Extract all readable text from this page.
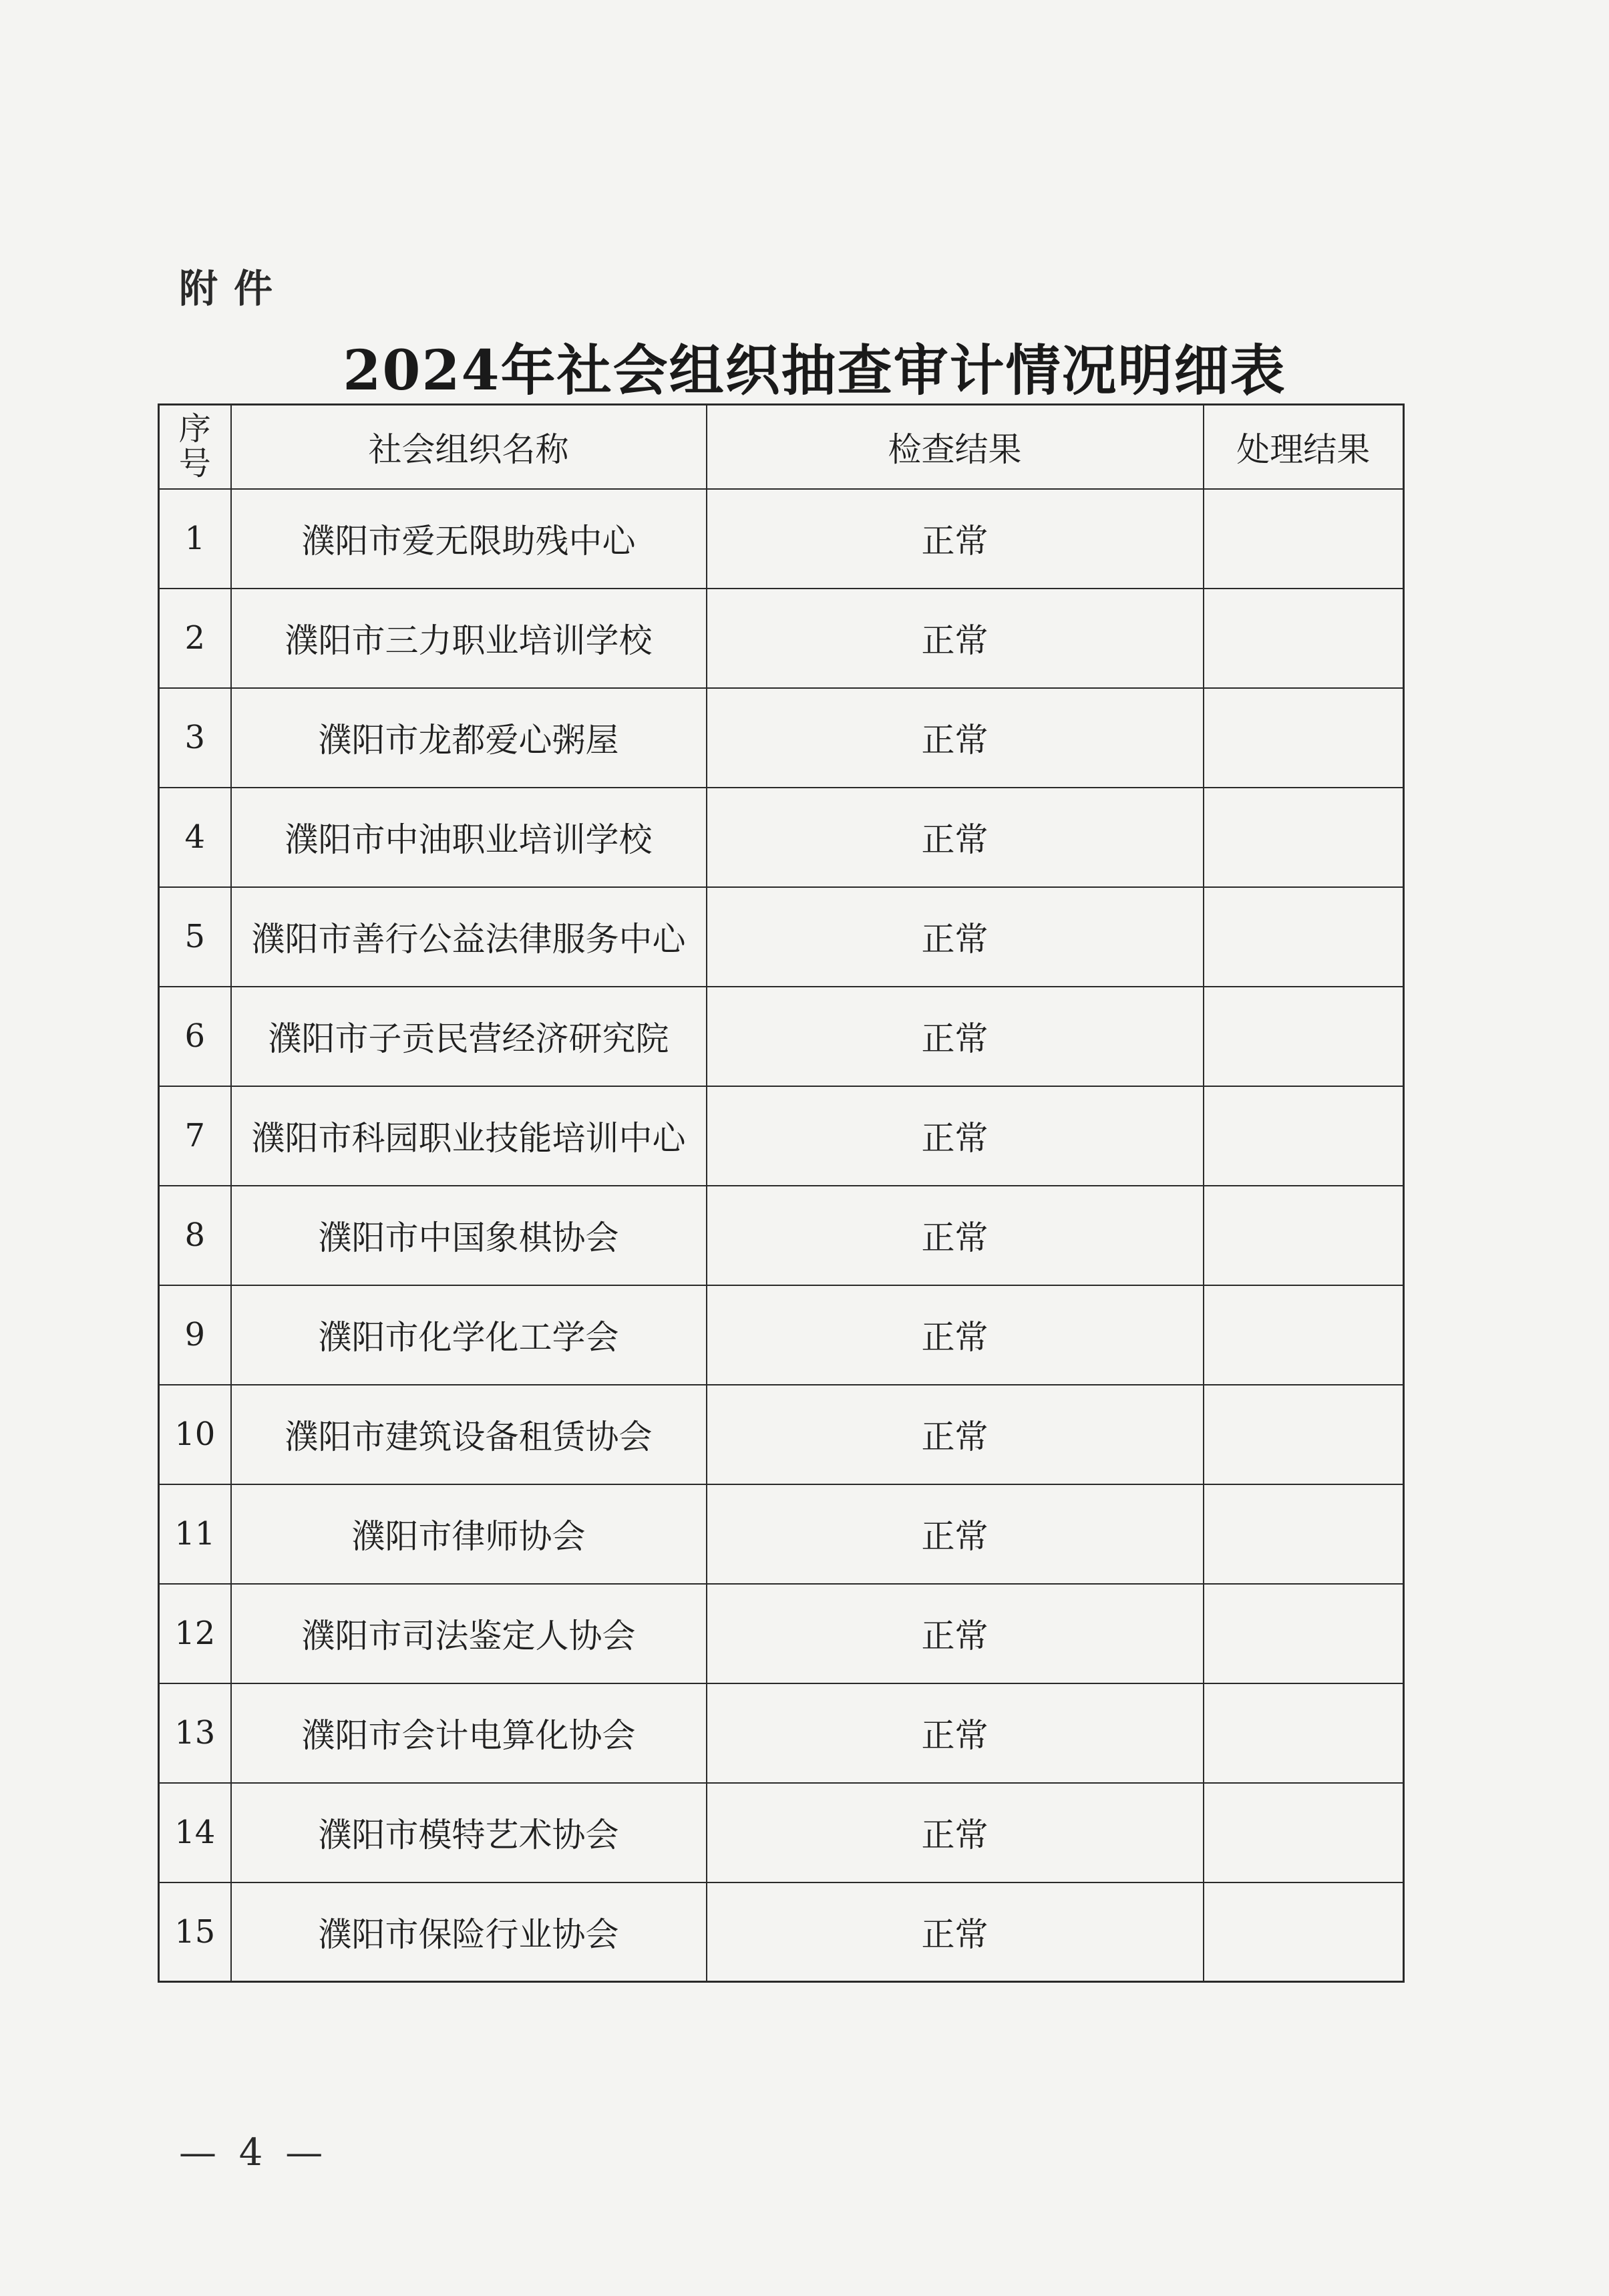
附件
2024年社会组织抽查审计情况明细表
序号	社会组织名称	检查结果	处理结果
1	濮阳市爱无限助残中心	正常	
2	濮阳市三力职业培训学校	正常	
3	濮阳市龙都爱心粥屋	正常	
4	濮阳市中油职业培训学校	正常	
5	濮阳市善行公益法律服务中心	正常	
6	濮阳市子贡民营经济研究院	正常	
7	濮阳市科园职业技能培训中心	正常	
8	濮阳市中国象棋协会	正常	
9	濮阳市化学化工学会	正常	
10	濮阳市建筑设备租赁协会	正常	
11	濮阳市律师协会	正常	
12	濮阳市司法鉴定人协会	正常	
13	濮阳市会计电算化协会	正常	
14	濮阳市模特艺术协会	正常	
15	濮阳市保险行业协会	正常	
— 4 —
